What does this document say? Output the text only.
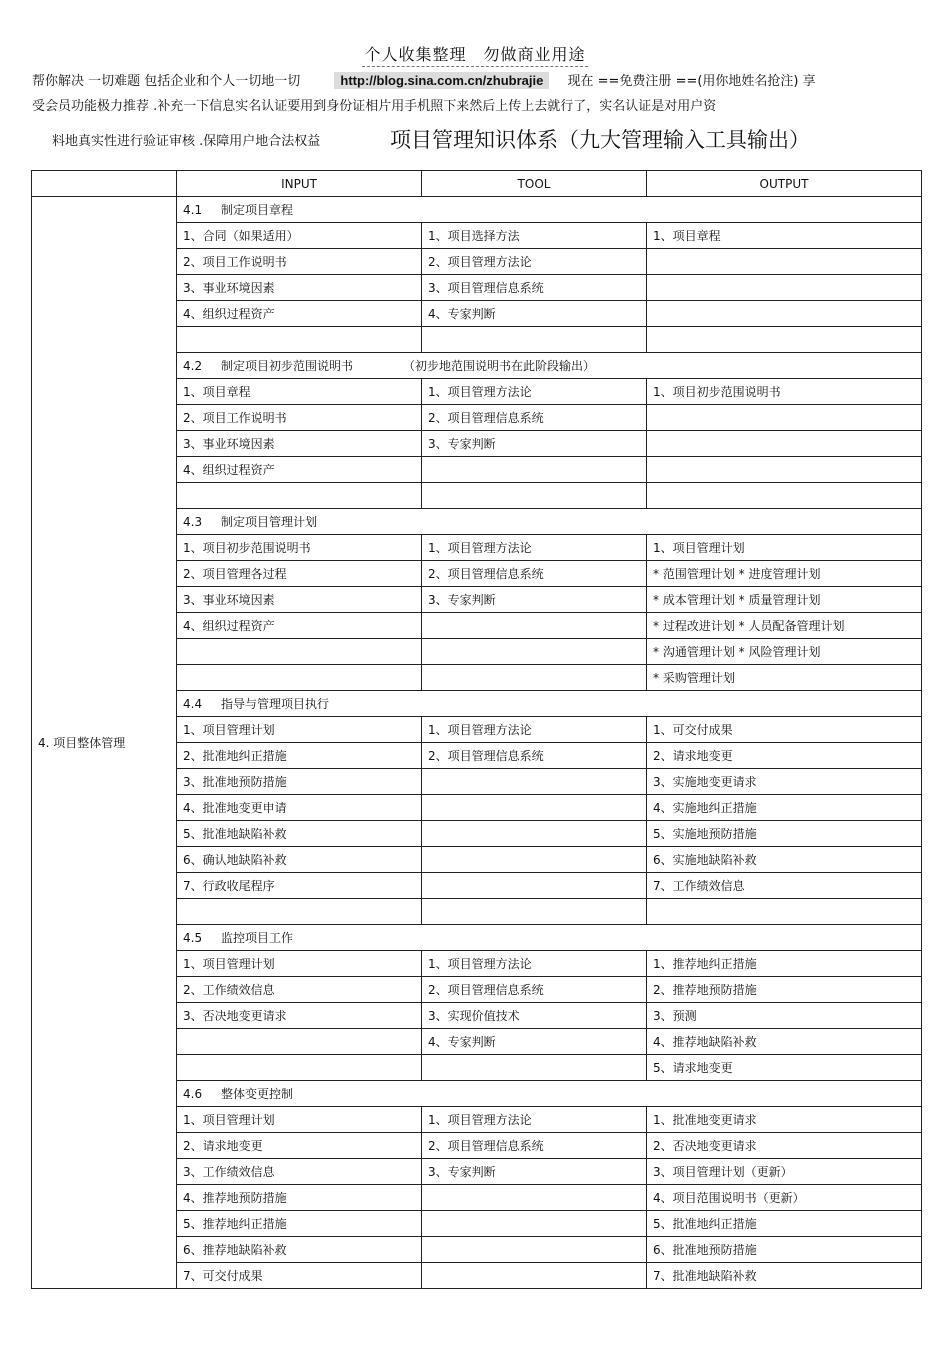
个人收集整理　勿做商业用途
帮你解决 一切难题 包括企业和个人一切地一切	http://blog.sina.com.cn/zhubrajie 现在 ==免费注册 ==(用你地姓名抢注) 享
受会员功能极力推荐 .补充一下信息实名认证要用到身份证相片用手机照下来然后上传上去就行了，实名认证是对用户资
料地真实性进行验证审核 .保障用户地合法权益	项目管理知识体系（九大管理输入工具输出）
	INPUT	TOOL	OUTPUT
4. 项目整体管理	4.1 制定项目章程		
	1、合同（如果适用）	1、项目选择方法	1、项目章程
	2、项目工作说明书	2、项目管理方法论	
	3、事业环境因素	3、项目管理信息系统	
	4、组织过程资产	4、专家判断	

	4.2 制定项目初步范围说明书 （初步地范围说明书在此阶段输出）		
	1、项目章程	1、项目管理方法论	1、项目初步范围说明书
	2、项目工作说明书	2、项目管理信息系统	
	3、事业环境因素	3、专家判断	
	4、组织过程资产		

	4.3 制定项目管理计划		
	1、项目初步范围说明书	1、项目管理方法论	1、项目管理计划
	2、项目管理各过程	2、项目管理信息系统	* 范围管理计划 * 进度管理计划
	3、事业环境因素	3、专家判断	* 成本管理计划 * 质量管理计划
	4、组织过程资产		* 过程改进计划 * 人员配备管理计划
			* 沟通管理计划 * 风险管理计划
			* 采购管理计划
	4.4 指导与管理项目执行		
	1、项目管理计划	1、项目管理方法论	1、可交付成果
	2、批准地纠正措施	2、项目管理信息系统	2、请求地变更
	3、批准地预防措施		3、实施地变更请求
	4、批准地变更申请		4、实施地纠正措施
	5、批准地缺陷补救		5、实施地预防措施
	6、确认地缺陷补救		6、实施地缺陷补救
	7、行政收尾程序		7、工作绩效信息

	4.5 监控项目工作		
	1、项目管理计划	1、项目管理方法论	1、推荐地纠正措施
	2、工作绩效信息	2、项目管理信息系统	2、推荐地预防措施
	3、否决地变更请求	3、实现价值技术	3、预测
		4、专家判断	4、推荐地缺陷补救
			5、请求地变更
	4.6 整体变更控制		
	1、项目管理计划	1、项目管理方法论	1、批准地变更请求
	2、请求地变更	2、项目管理信息系统	2、否决地变更请求
	3、工作绩效信息	3、专家判断	3、项目管理计划（更新）
	4、推荐地预防措施		4、项目范围说明书（更新）
	5、推荐地纠正措施		5、批准地纠正措施
	6、推荐地缺陷补救		6、批准地预防措施
	7、可交付成果		7、批准地缺陷补救
